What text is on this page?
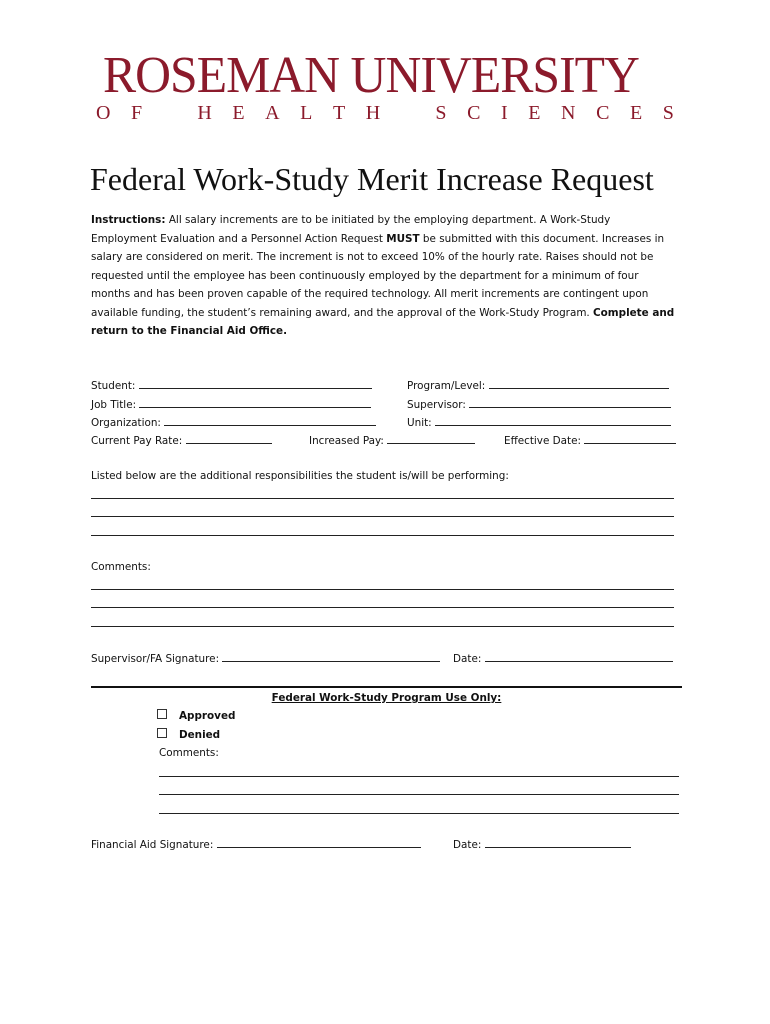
ROSEMAN UNIVERSITY
O F	H E A L T H	S C I E N C E S
Federal Work-Study Merit Increase Request
Instructions: All salary increments are to be initiated by the employing department. A Work-Study Employment Evaluation and a Personnel Action Request MUST be submitted with this document. Increases in salary are considered on merit. The increment is not to exceed 10% of the hourly rate. Raises should not be requested until the employee has been continuously employed by the department for a minimum of four months and has been proven capable of the required technology. All merit increments are contingent upon available funding, the student’s remaining award, and the approval of the Work-Study Program. Complete and return to the Financial Aid Office.
Student:	Program/Level:
Job Title:	Supervisor:
Organization:	Unit:
Current Pay Rate:	Increased Pay:	Effective Date:
Listed below are the additional responsibilities the student is/will be performing:
Comments:
Supervisor/FA Signature:	Date:
Federal Work-Study Program Use Only:
Approved
Denied
Comments:
Financial Aid Signature:	Date:
